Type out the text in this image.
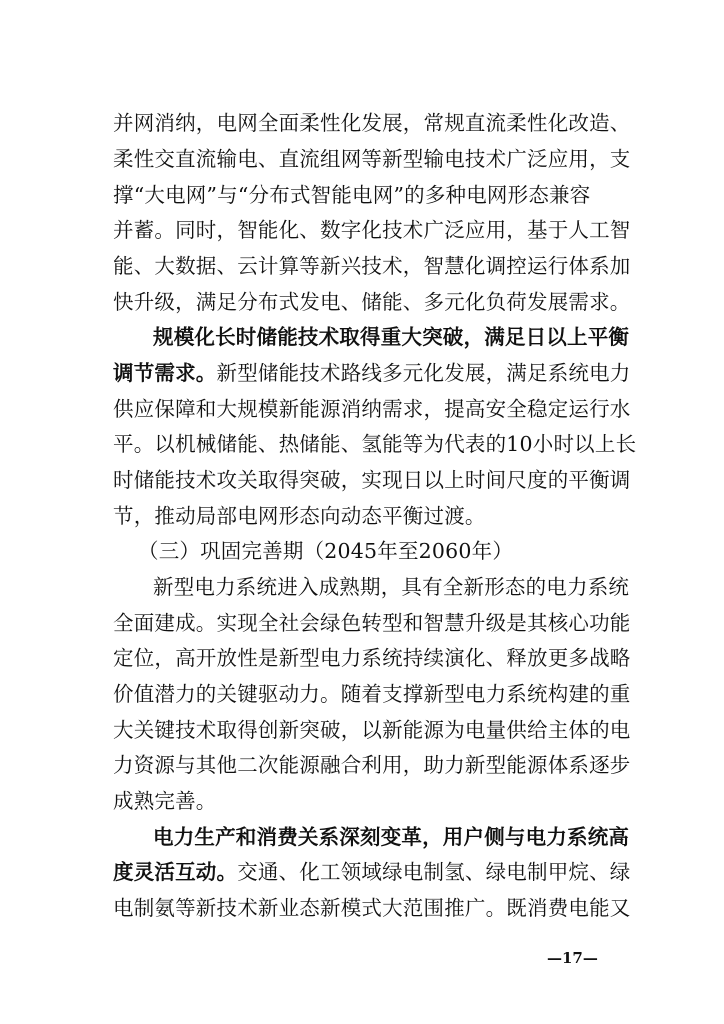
并网消纳，电网全面柔性化发展，常规直流柔性化改造、
柔性交直流输电、直流组网等新型输电技术广泛应用，支
撑“大电网”与“分布式智能电网”的多种电网形态兼容
并蓄。同时，智能化、数字化技术广泛应用，基于人工智
能、大数据、云计算等新兴技术，智慧化调控运行体系加
快升级，满足分布式发电、储能、多元化负荷发展需求。
规模化长时储能技术取得重大突破，满足日以上平衡
调节需求。新型储能技术路线多元化发展，满足系统电力
供应保障和大规模新能源消纳需求，提高安全稳定运行水
平。以机械储能、热储能、氢能等为代表的10小时以上长
时储能技术攻关取得突破，实现日以上时间尺度的平衡调
节，推动局部电网形态向动态平衡过渡。
（三）巩固完善期（2045年至2060年）
新型电力系统进入成熟期，具有全新形态的电力系统
全面建成。实现全社会绿色转型和智慧升级是其核心功能
定位，高开放性是新型电力系统持续演化、释放更多战略
价值潜力的关键驱动力。随着支撑新型电力系统构建的重
大关键技术取得创新突破，以新能源为电量供给主体的电
力资源与其他二次能源融合利用，助力新型能源体系逐步
成熟完善。
电力生产和消费关系深刻变革，用户侧与电力系统高
度灵活互动。交通、化工领域绿电制氢、绿电制甲烷、绿
电制氨等新技术新业态新模式大范围推广。既消费电能又
—17—
